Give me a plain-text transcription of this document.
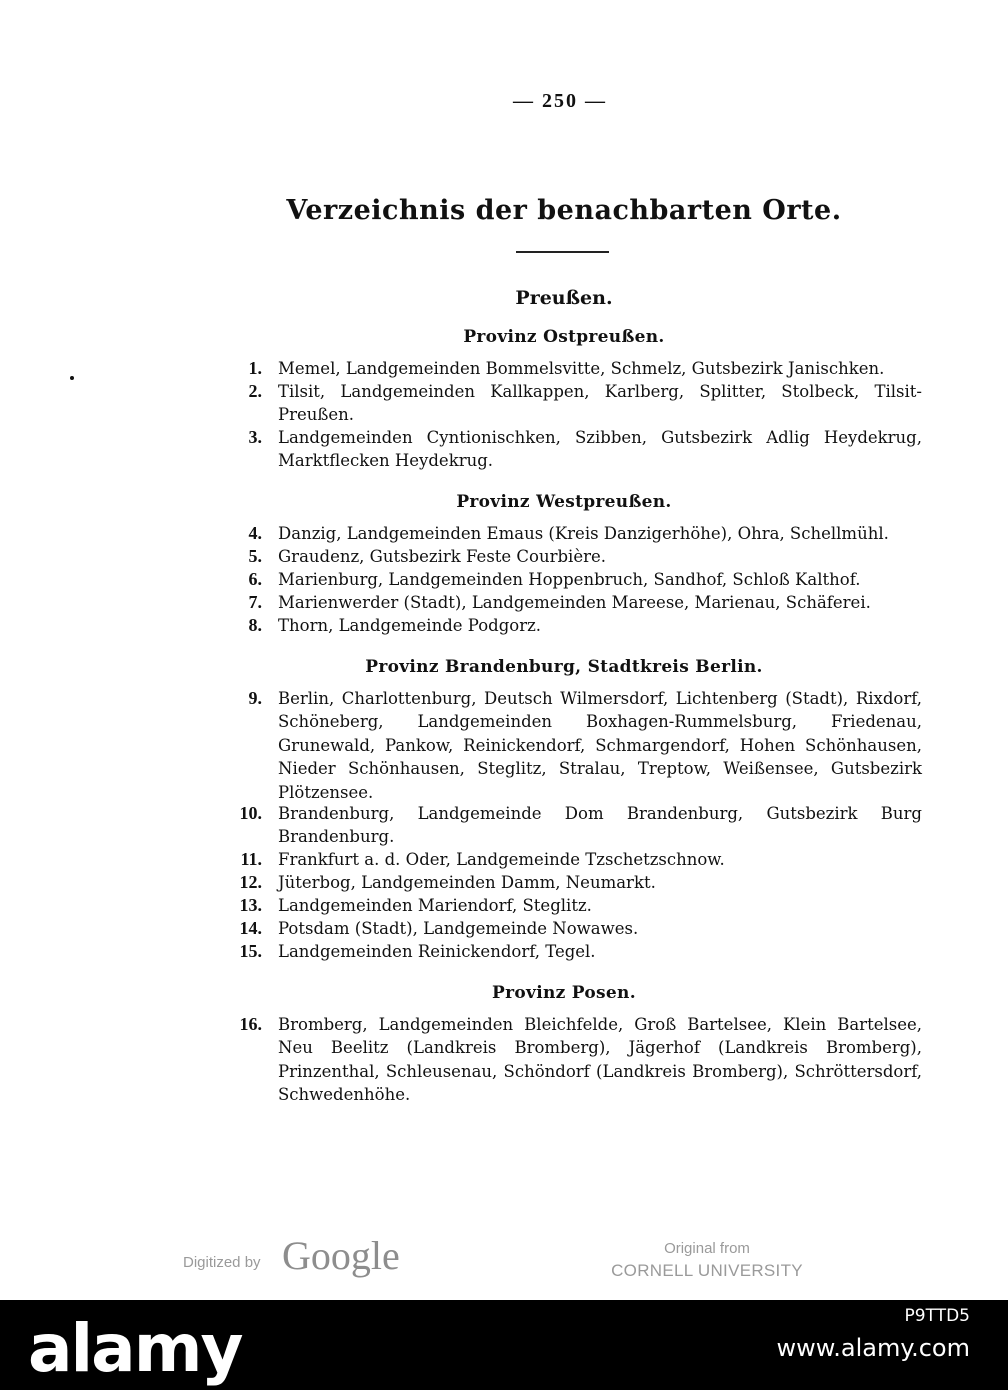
— 250 —
Verzeichnis der benachbarten Orte.
Preußen.
Provinz Ostpreußen.
1. Memel, Landgemeinden Bommelsvitte, Schmelz, Gutsbezirk Janischken.
2. Tilsit, Landgemeinden Kallkappen, Karlberg, Splitter, Stolbeck, Tilsit-Preußen.
3. Landgemeinden Cyntionischken, Szibben, Gutsbezirk Adlig Heydekrug, Marktflecken Heydekrug.
Provinz Westpreußen.
4. Danzig, Landgemeinden Emaus (Kreis Danzigerhöhe), Ohra, Schellmühl.
5. Graudenz, Gutsbezirk Feste Courbière.
6. Marienburg, Landgemeinden Hoppenbruch, Sandhof, Schloß Kalthof.
7. Marienwerder (Stadt), Landgemeinden Mareese, Marienau, Schäferei.
8. Thorn, Landgemeinde Podgorz.
Provinz Brandenburg, Stadtkreis Berlin.
9. Berlin, Charlottenburg, Deutsch Wilmersdorf, Lichtenberg (Stadt), Rixdorf, Schöneberg, Landgemeinden Boxhagen-Rummelsburg, Friedenau, Grunewald, Pankow, Reinickendorf, Schmargendorf, Hohen Schönhausen, Nieder Schönhausen, Steglitz, Stralau, Treptow, Weißensee, Gutsbezirk Plötzensee.
10. Brandenburg, Landgemeinde Dom Brandenburg, Gutsbezirk Burg Brandenburg.
11. Frankfurt a. d. Oder, Landgemeinde Tzschetzschnow.
12. Jüterbog, Landgemeinden Damm, Neumarkt.
13. Landgemeinden Mariendorf, Steglitz.
14. Potsdam (Stadt), Landgemeinde Nowawes.
15. Landgemeinden Reinickendorf, Tegel.
Provinz Posen.
16. Bromberg, Landgemeinden Bleichfelde, Groß Bartelsee, Klein Bartelsee, Neu Beelitz (Landkreis Bromberg), Jägerhof (Landkreis Bromberg), Prinzenthal, Schleusenau, Schöndorf (Landkreis Bromberg), Schröttersdorf, Schwedenhöhe.
Digitized by Google	Original from
CORNELL UNIVERSITY
alamy	P9TTD5
www.alamy.com
